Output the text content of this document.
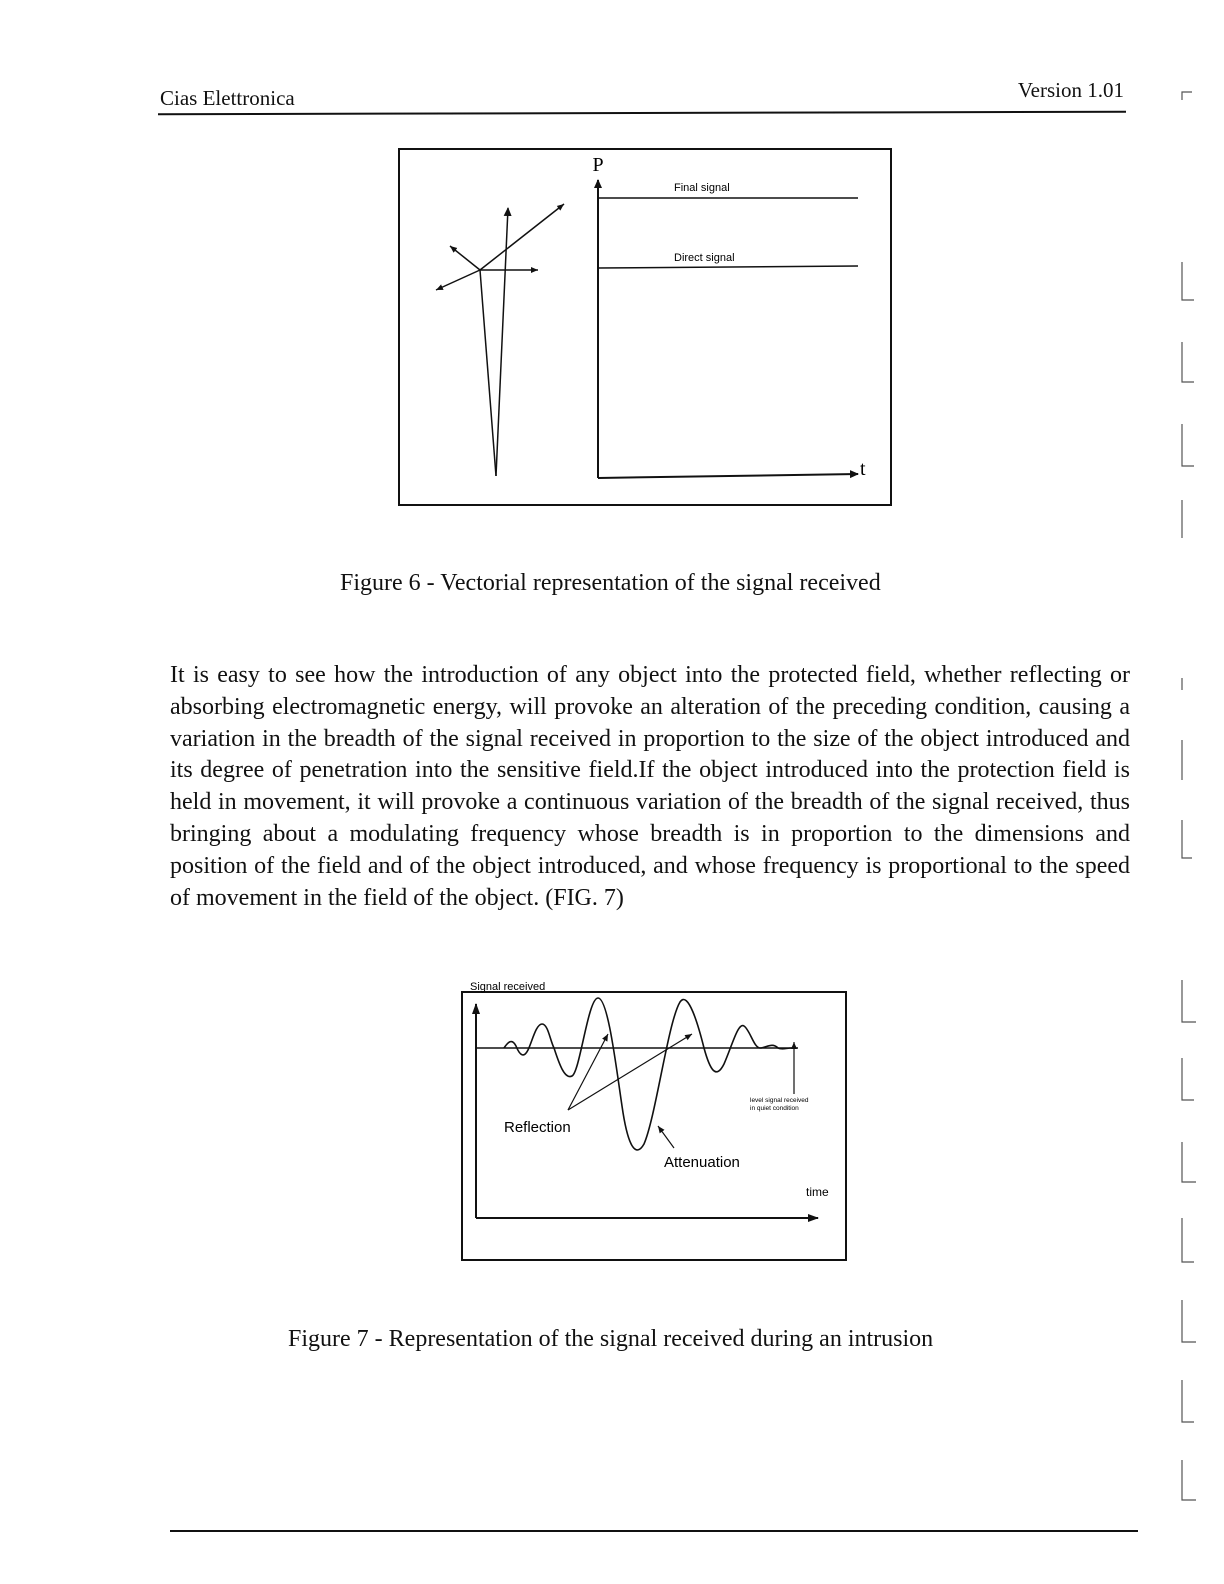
Cias Elettronica	Version 1.01
P
t
Final signal
Direct signal
Figure 6 - Vectorial representation of the signal received

It is easy to see how the introduction of any object into the protected field, whether reflecting or absorbing electromagnetic energy, will provoke an alteration of the preceding condition, causing a variation in the breadth of the signal received in proportion to the size of the object introduced and its degree of penetration into the sensitive field.If the object introduced into the protection field is held in movement, it will provoke a continuous variation of the breadth of the signal received, thus bringing about a modulating frequency whose breadth is in proportion to the dimensions and position of the field and of the object introduced, and whose frequency is proportional to the speed of movement in the field of the object. (FIG. 7)

Signal received
level signal received
in quiet condition
Reflection
Attenuation
time
Figure 7 - Representation of the signal received during an intrusion
